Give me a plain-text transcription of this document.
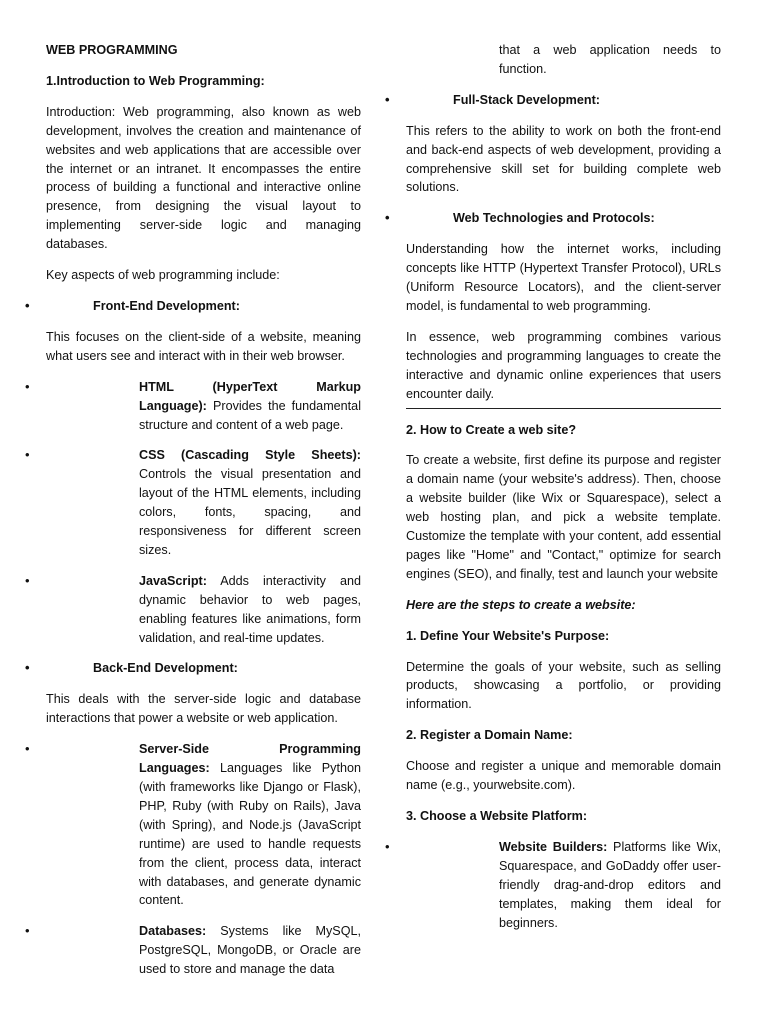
WEB PROGRAMMING

1.Introduction to Web Programming:

Introduction: Web programming, also known as web development, involves the creation and maintenance of websites and web applications that are accessible over the internet or an intranet. It encompasses the entire process of building a functional and interactive online presence, from designing the visual layout to implementing server-side logic and managing databases.

Key aspects of web programming include:

• Front-End Development:

This focuses on the client-side of a website, meaning what users see and interact with in their web browser.

• HTML (HyperText Markup Language): Provides the fundamental structure and content of a web page.
• CSS (Cascading Style Sheets): Controls the visual presentation and layout of the HTML elements, including colors, fonts, spacing, and responsiveness for different screen sizes.
• JavaScript: Adds interactivity and dynamic behavior to web pages, enabling features like animations, form validation, and real-time updates.
• Back-End Development:

This deals with the server-side logic and database interactions that power a website or web application.

• Server-Side Programming Languages: Languages like Python (with frameworks like Django or Flask), PHP, Ruby (with Ruby on Rails), Java (with Spring), and Node.js (JavaScript runtime) are used to handle requests from the client, process data, interact with databases, and generate dynamic content.
• Databases: Systems like MySQL, PostgreSQL, MongoDB, or Oracle are used to store and manage the data

that a web application needs to function.

• Full-Stack Development:

This refers to the ability to work on both the front-end and back-end aspects of web development, providing a comprehensive skill set for building complete web solutions.

• Web Technologies and Protocols:

Understanding how the internet works, including concepts like HTTP (Hypertext Transfer Protocol), URLs (Uniform Resource Locators), and the client-server model, is fundamental to web programming.

In essence, web programming combines various technologies and programming languages to create the interactive and dynamic online experiences that users encounter daily.

2. How to Create a web site?

To create a website, first define its purpose and register a domain name (your website's address). Then, choose a website builder (like Wix or Squarespace), select a web hosting plan, and pick a website template. Customize the template with your content, add essential pages like "Home" and "Contact," optimize for search engines (SEO), and finally, test and launch your website

Here are the steps to create a website:

1. Define Your Website's Purpose:

Determine the goals of your website, such as selling products, showcasing a portfolio, or providing information.

2. Register a Domain Name:

Choose and register a unique and memorable domain name (e.g., yourwebsite.com).

3. Choose a Website Platform:

• Website Builders: Platforms like Wix, Squarespace, and GoDaddy offer user-friendly drag-and-drop editors and templates, making them ideal for beginners.
